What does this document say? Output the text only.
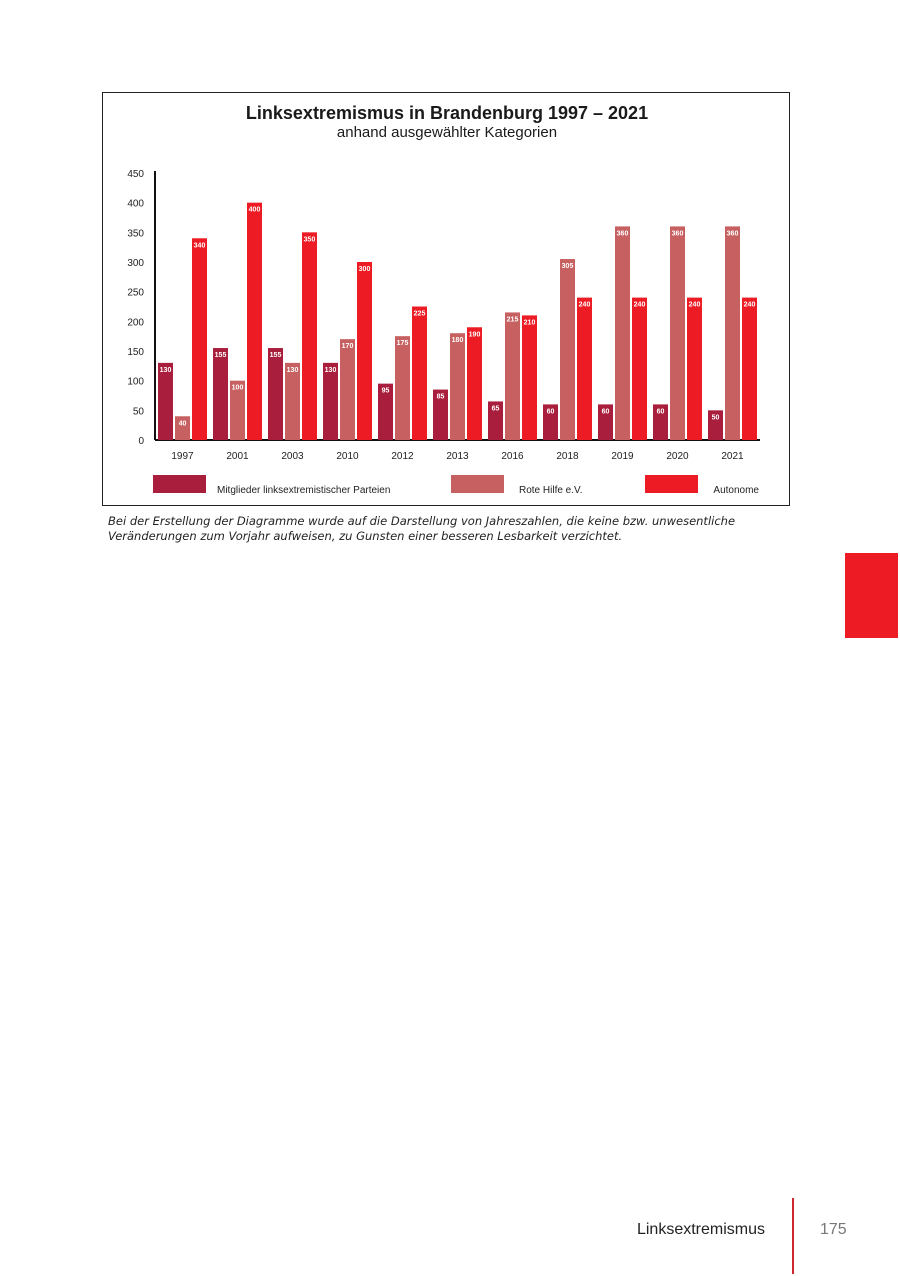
Linksextremismus in Brandenburg 1997 – 2021
anhand ausgewählter Kategorien
0
50
100
150
200
250
300
350
400
450
130
40
340
1997
155
100
400
2001
155
130
350
2003
130
170
300
2010
95
175
225
2012
85
180
190
2013
65
215 210
2016
60
305
240
2018
60
360
240
2019
60
360
240
2020
50
360
240
2021
Mitglieder linksextremistischer Parteien	Rote Hilfe e.V.	Autonome
Bei der Erstellung der Diagramme wurde auf die Darstellung von Jahreszahlen, die keine bzw. unwesentliche Veränderungen zum Vorjahr aufweisen, zu Gunsten einer besseren Lesbarkeit verzichtet.
Linksextremismus	175
